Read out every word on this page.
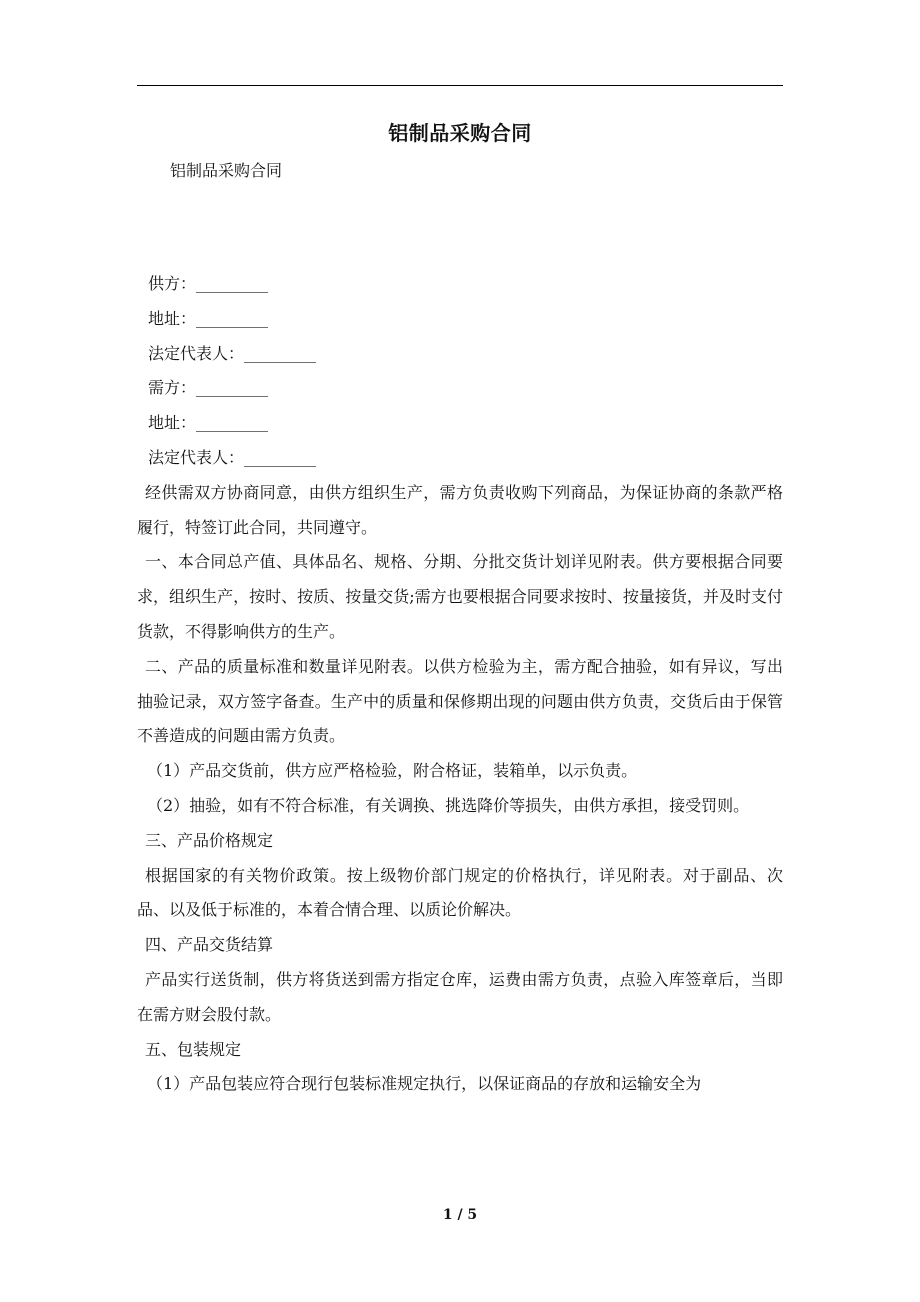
铝制品采购合同
铝制品采购合同
供方：_________
地址：_________
法定代表人：_________
需方：_________
地址：_________
法定代表人：_________

经供需双方协商同意，由供方组织生产，需方负责收购下列商品，为保证协商的条款严格履行，特签订此合同，共同遵守。

一、本合同总产值、具体品名、规格、分期、分批交货计划详见附表。供方要根据合同要求，组织生产，按时、按质、按量交货;需方也要根据合同要求按时、按量接货，并及时支付货款，不得影响供方的生产。

二、产品的质量标准和数量详见附表。以供方检验为主，需方配合抽验，如有异议，写出抽验记录，双方签字备查。生产中的质量和保修期出现的问题由供方负责，交货后由于保管不善造成的问题由需方负责。

（1）产品交货前，供方应严格检验，附合格证，装箱单，以示负责。

（2）抽验，如有不符合标准，有关调换、挑选降价等损失，由供方承担，接受罚则。

三、产品价格规定

根据国家的有关物价政策。按上级物价部门规定的价格执行，详见附表。对于副品、次品、以及低于标准的，本着合情合理、以质论价解决。

四、产品交货结算

产品实行送货制，供方将货送到需方指定仓库，运费由需方负责，点验入库签章后，当即在需方财会股付款。

五、包装规定

（1）产品包装应符合现行包装标准规定执行，以保证商品的存放和运输安全为

1 / 5
